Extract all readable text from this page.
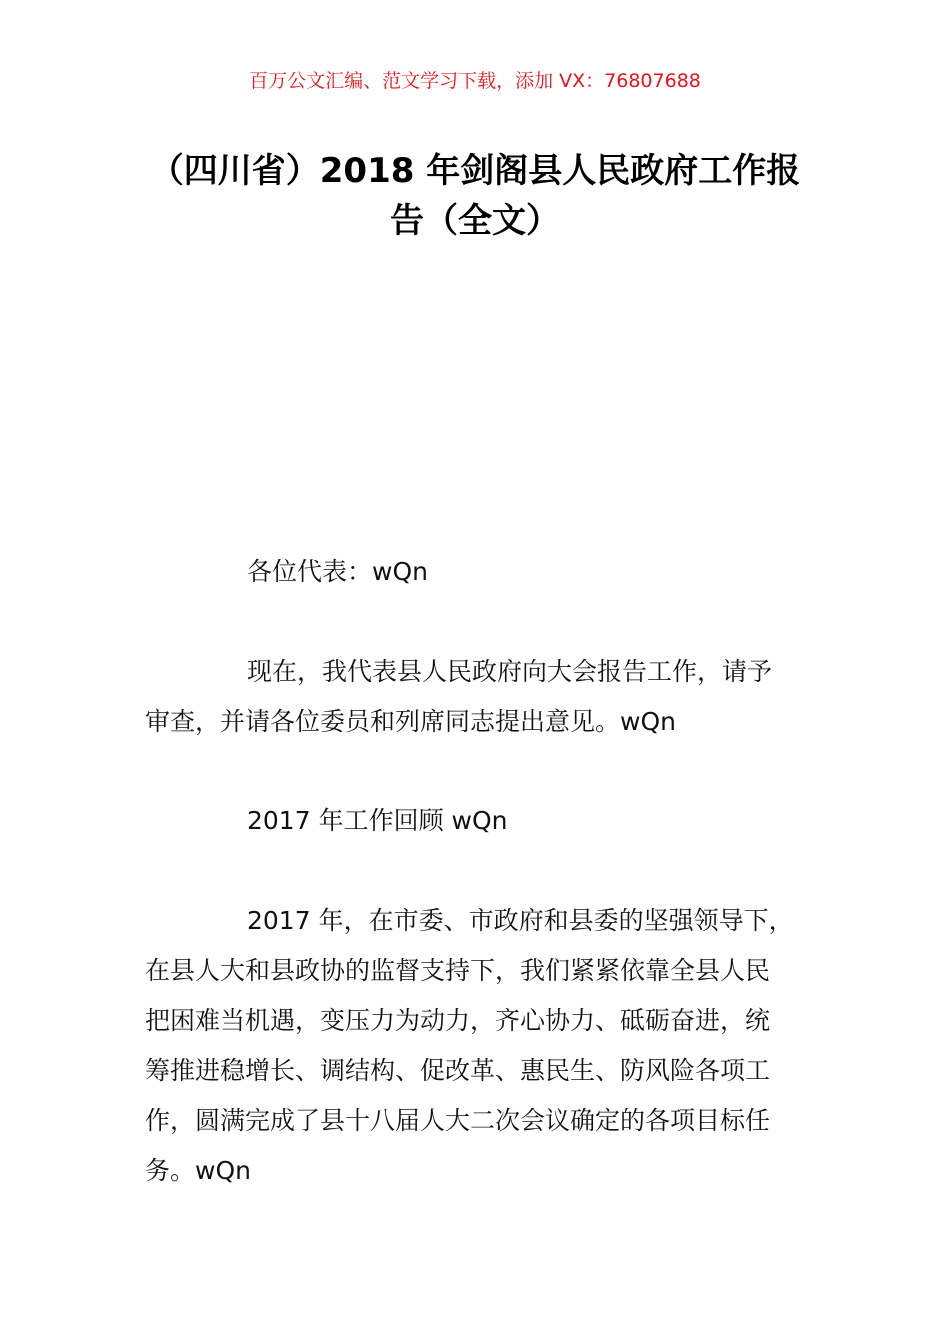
百万公文汇编、范文学习下载，添加 VX：76807688
（四川省）2018 年剑阁县人民政府工作报
告（全文）
各位代表：wQn
现在，我代表县人民政府向大会报告工作，请予
审查，并请各位委员和列席同志提出意见。wQn
2017 年工作回顾 wQn
2017 年，在市委、市政府和县委的坚强领导下，
在县人大和县政协的监督支持下，我们紧紧依靠全县人民
把困难当机遇，变压力为动力，齐心协力、砥砺奋进，统
筹推进稳增长、调结构、促改革、惠民生、防风险各项工
作，圆满完成了县十八届人大二次会议确定的各项目标任
务。wQn
